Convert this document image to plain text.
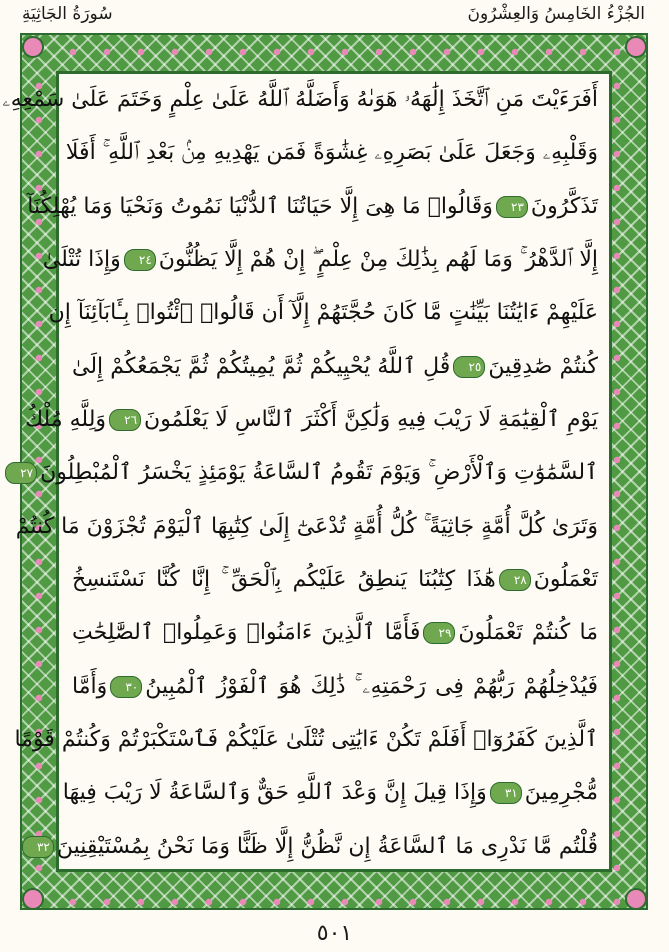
سُورَةُ الجَاثِيَةِ	الجُزْءُ الخَامِسُ وَالعِشْرُونَ
أَفَرَءَيْتَ مَنِ ٱتَّخَذَ إِلَٰهَهُۥ هَوَىٰهُ وَأَضَلَّهُ ٱللَّهُ عَلَىٰ عِلْمٍ وَخَتَمَ عَلَىٰ سَمْعِهِۦ
وَقَلْبِهِۦ وَجَعَلَ عَلَىٰ بَصَرِهِۦ غِشَٰوَةً فَمَن يَهْدِيهِ مِنۢ بَعْدِ ٱللَّهِ ۚ أَفَلَا
تَذَكَّرُونَ٢٣وَقَالُوا۟ مَا هِىَ إِلَّا حَيَاتُنَا ٱلدُّنْيَا نَمُوتُ وَنَحْيَا وَمَا يُهْلِكُنَآ
إِلَّا ٱلدَّهْرُ ۚ وَمَا لَهُم بِذَٰلِكَ مِنْ عِلْمٍ ۖ إِنْ هُمْ إِلَّا يَظُنُّونَ٢٤وَإِذَا تُتْلَىٰ
عَلَيْهِمْ ءَايَٰتُنَا بَيِّنَٰتٍ مَّا كَانَ حُجَّتَهُمْ إِلَّآ أَن قَالُوا۟ ٱئْتُوا۟ بِـَٔابَآئِنَآ إِن
كُنتُمْ صَٰدِقِينَ٢٥قُلِ ٱللَّهُ يُحْيِيكُمْ ثُمَّ يُمِيتُكُمْ ثُمَّ يَجْمَعُكُمْ إِلَىٰ
يَوْمِ ٱلْقِيَٰمَةِ لَا رَيْبَ فِيهِ وَلَٰكِنَّ أَكْثَرَ ٱلنَّاسِ لَا يَعْلَمُونَ٢٦وَلِلَّهِ مُلْكُ
ٱلسَّمَٰوَٰتِ وَٱلْأَرْضِ ۚ وَيَوْمَ تَقُومُ ٱلسَّاعَةُ يَوْمَئِذٍ يَخْسَرُ ٱلْمُبْطِلُونَ٢٧
وَتَرَىٰ كُلَّ أُمَّةٍ جَاثِيَةً ۚ كُلُّ أُمَّةٍ تُدْعَىٰٓ إِلَىٰ كِتَٰبِهَا ٱلْيَوْمَ تُجْزَوْنَ مَا كُنتُمْ
تَعْمَلُونَ٢٨هَٰذَا كِتَٰبُنَا يَنطِقُ عَلَيْكُم بِٱلْحَقِّ ۚ إِنَّا كُنَّا نَسْتَنسِخُ
مَا كُنتُمْ تَعْمَلُونَ٢٩فَأَمَّا ٱلَّذِينَ ءَامَنُوا۟ وَعَمِلُوا۟ ٱلصَّٰلِحَٰتِ
فَيُدْخِلُهُمْ رَبُّهُمْ فِى رَحْمَتِهِۦ ۚ ذَٰلِكَ هُوَ ٱلْفَوْزُ ٱلْمُبِينُ٣٠وَأَمَّا
ٱلَّذِينَ كَفَرُوٓا۟ أَفَلَمْ تَكُنْ ءَايَٰتِى تُتْلَىٰ عَلَيْكُمْ فَٱسْتَكْبَرْتُمْ وَكُنتُمْ قَوْمًا
مُّجْرِمِينَ٣١وَإِذَا قِيلَ إِنَّ وَعْدَ ٱللَّهِ حَقٌّ وَٱلسَّاعَةُ لَا رَيْبَ فِيهَا
قُلْتُم مَّا نَدْرِى مَا ٱلسَّاعَةُ إِن نَّظُنُّ إِلَّا ظَنًّا وَمَا نَحْنُ بِمُسْتَيْقِنِينَ٣٢
٥٠١
